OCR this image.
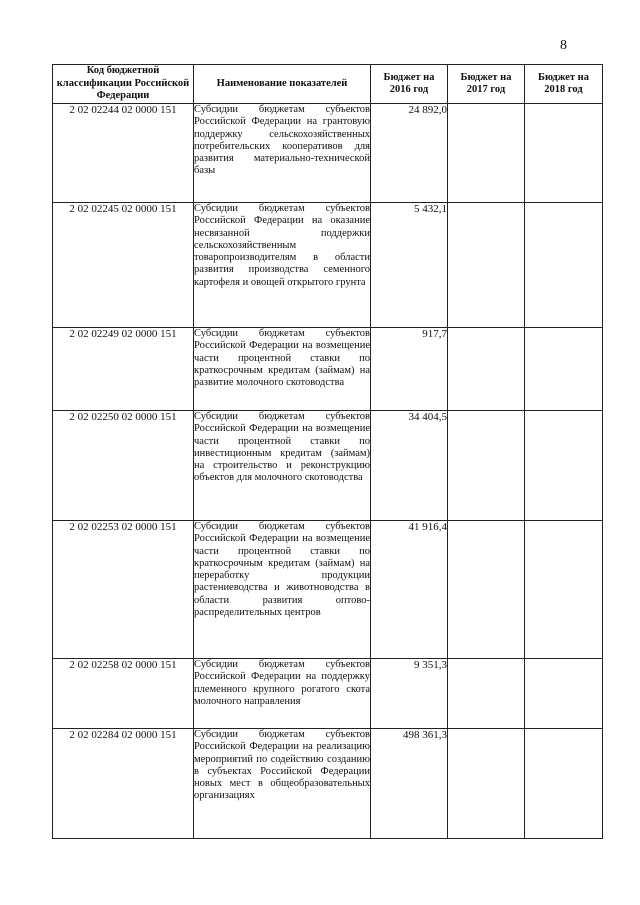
8
Код бюджетной классификации Российской Федерации	Наименование показателей	Бюджет на 2016 год	Бюджет на 2017 год	Бюджет на 2018 год
2 02 02244 02 0000 151	Субсидии бюджетам субъектов Российской Федерации на грантовую поддержку сельскохозяйственных потребительских кооперативов для развития материально-технической базы	24 892,0		
2 02 02245 02 0000 151	Субсидии бюджетам субъектов Российской Федерации на оказание несвязанной поддержки сельскохозяйственным товаропроизводителям в области развития производства семенного картофеля и овощей открытого грунта	5 432,1		
2 02 02249 02 0000 151	Субсидии бюджетам субъектов Российской Федерации на возмещение части процентной ставки по краткосрочным кредитам (займам) на развитие молочного скотоводства	917,7		
2 02 02250 02 0000 151	Субсидии бюджетам субъектов Российской Федерации на возмещение части процентной ставки по инвестиционным кредитам (займам) на строительство и реконструкцию объектов для молочного скотоводства	34 404,5		
2 02 02253 02 0000 151	Субсидии бюджетам субъектов Российской Федерации на возмещение части процентной ставки по краткосрочным кредитам (займам) на переработку продукции растениеводства и животноводства в области развития оптово-распределительных центров	41 916,4		
2 02 02258 02 0000 151	Субсидии бюджетам субъектов Российской Федерации на поддержку племенного крупного рогатого скота молочного направления	9 351,3		
2 02 02284 02 0000 151	Субсидии бюджетам субъектов Российской Федерации на реализацию мероприятий по содействию созданию в субъектах Российской Федерации новых мест в общеобразовательных организациях	498 361,3		
